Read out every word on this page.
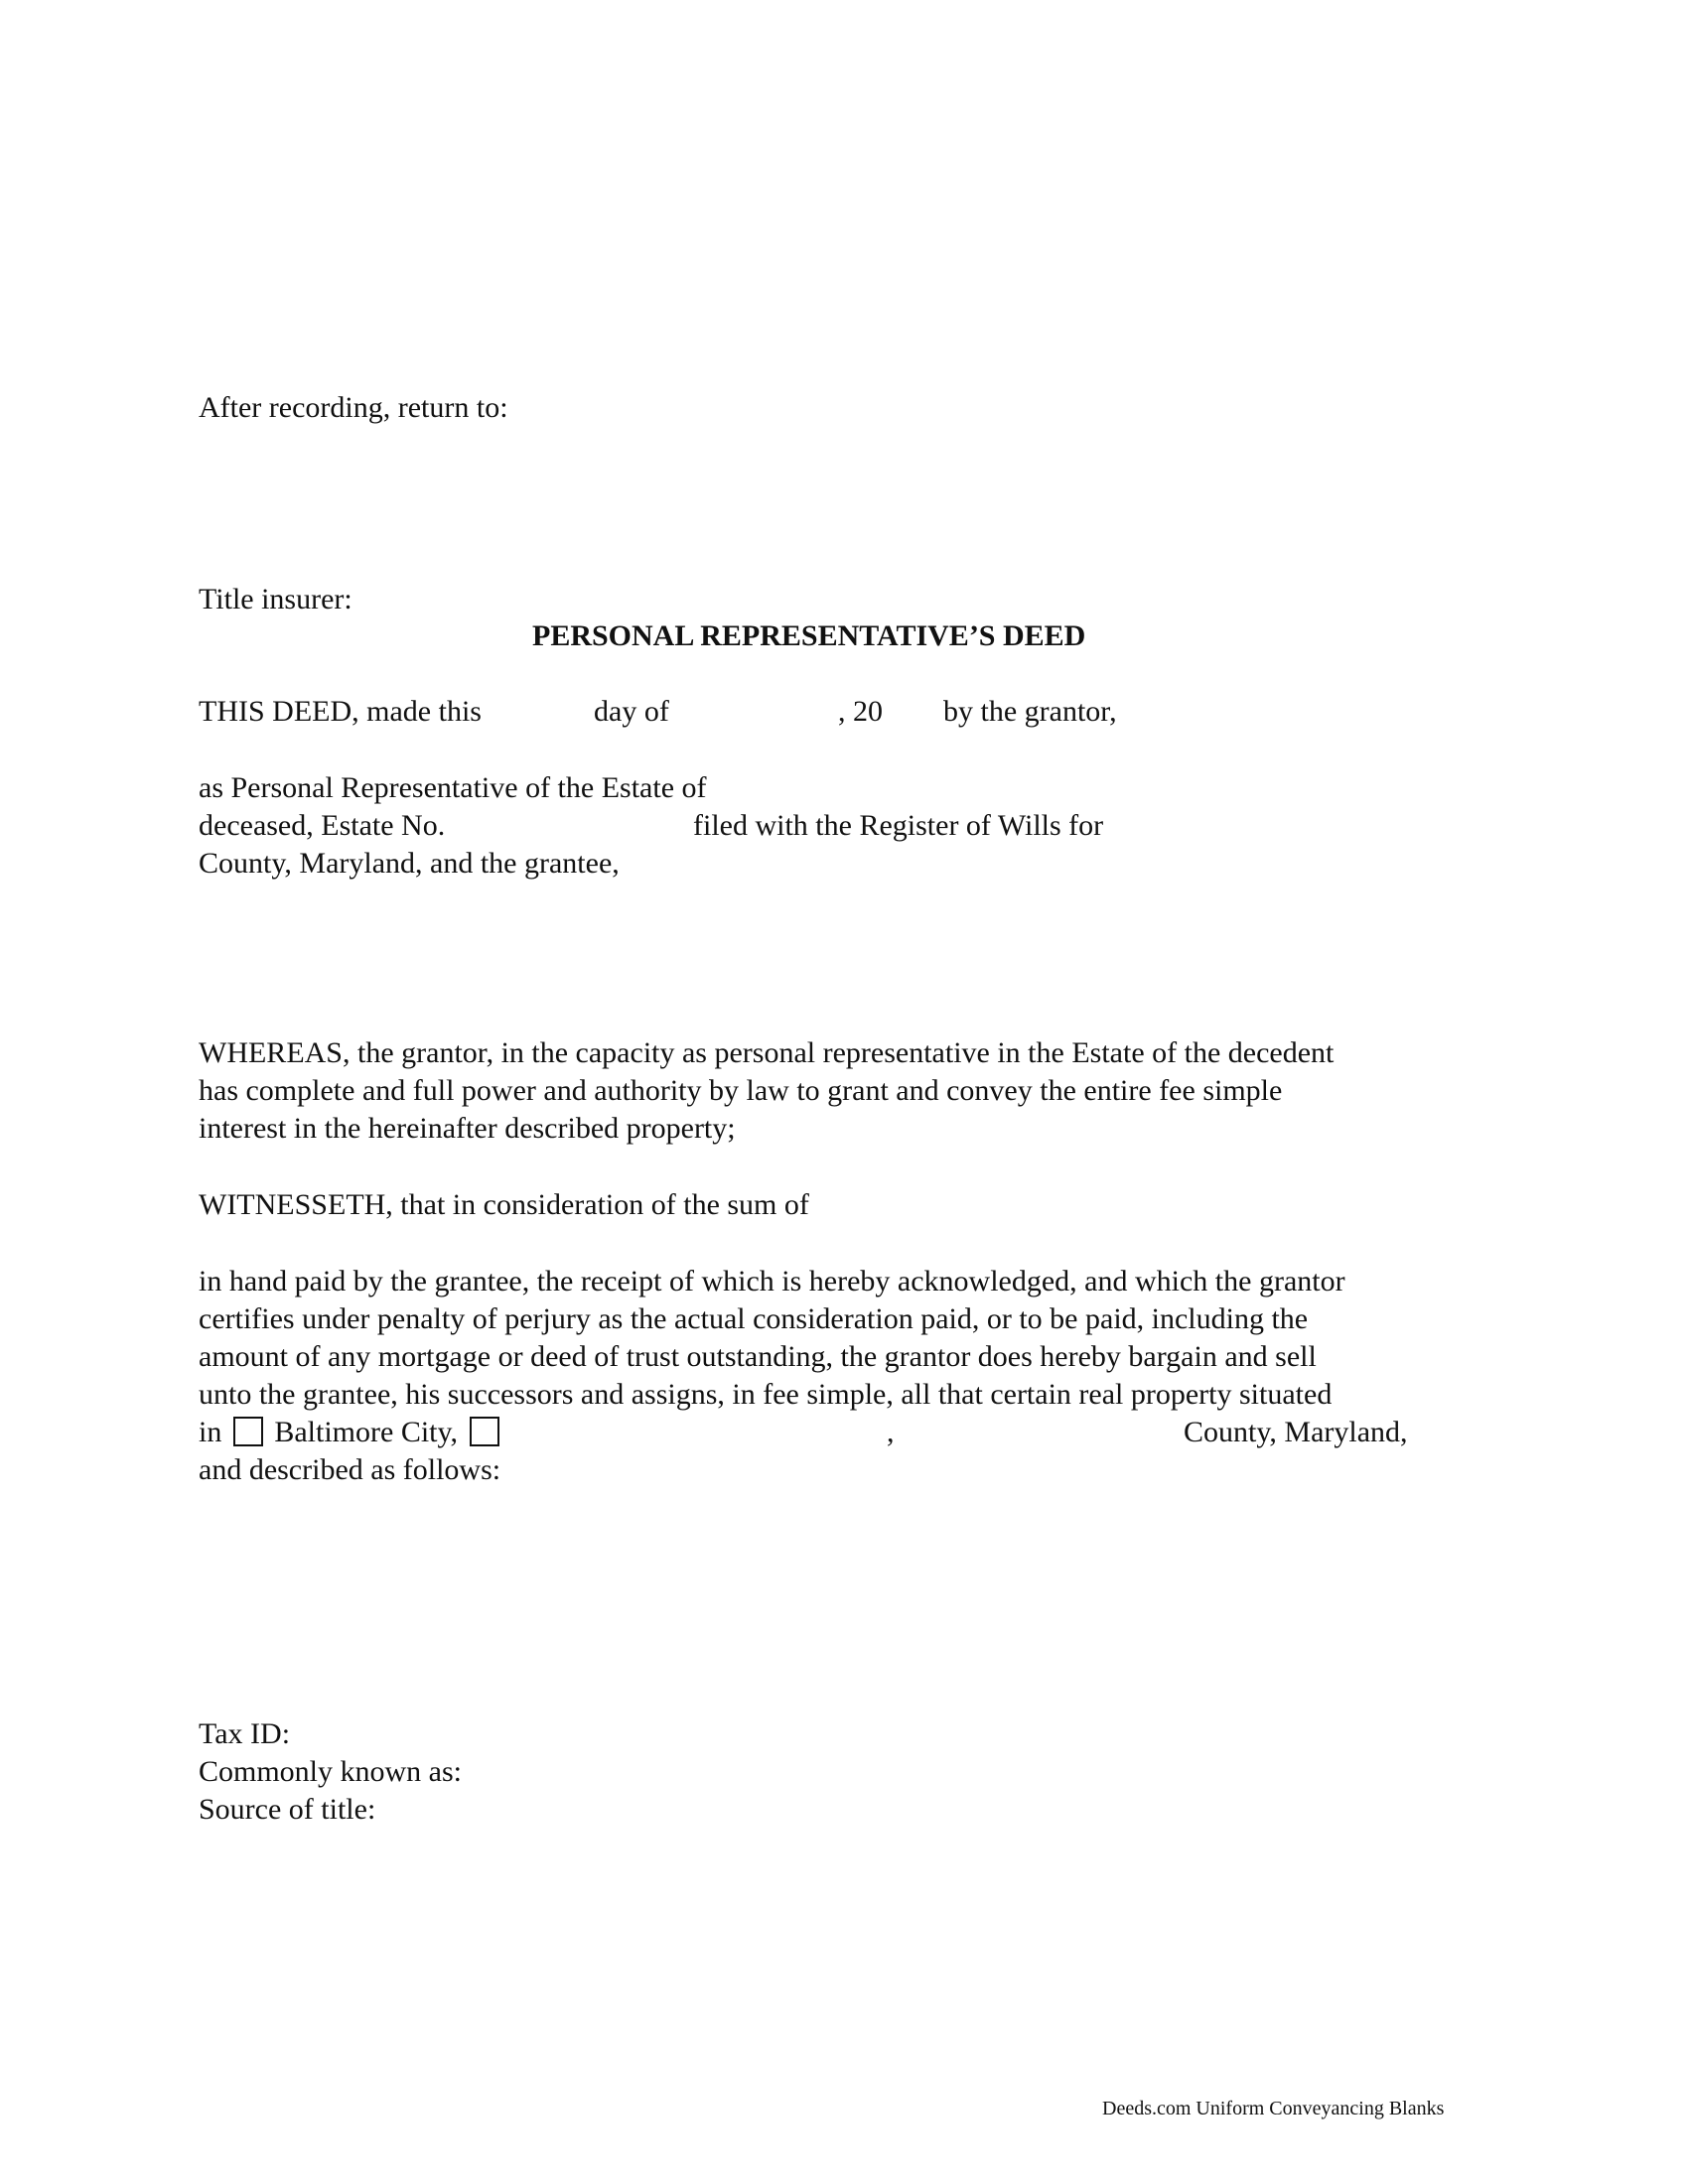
After recording, return to:
Title insurer:
PERSONAL REPRESENTATIVE’S DEED
THIS DEED, made this	day of	, 20 by the grantor,
as Personal Representative of the Estate of
deceased, Estate No.	filed with the Register of Wills for
County, Maryland, and the grantee,
WHEREAS, the grantor, in the capacity as personal representative in the Estate of the decedent
has complete and full power and authority by law to grant and convey the entire fee simple
interest in the hereinafter described property;
WITNESSETH, that in consideration of the sum of
in hand paid by the grantee, the receipt of which is hereby acknowledged, and which the grantor
certifies under penalty of perjury as the actual consideration paid, or to be paid, including the
amount of any mortgage or deed of trust outstanding, the grantor does hereby bargain and sell
unto the grantee, his successors and assigns, in fee simple, all that certain real property situated
in Baltimore City,	,	County, Maryland,
and described as follows:
Tax ID:
Commonly known as:
Source of title:
Deeds.com Uniform Conveyancing Blanks
